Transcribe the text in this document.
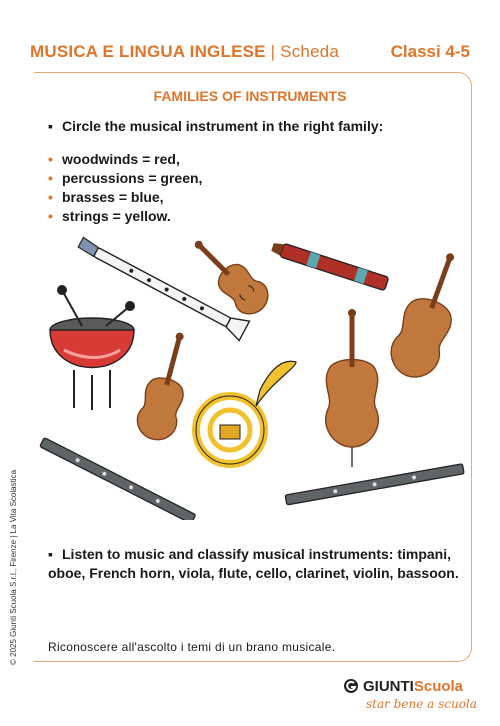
MUSICA E LINGUA INGLESE | Scheda	Classi 4-5
FAMILIES OF INSTRUMENTS
▪ Circle the musical instrument in the right family:
• woodwinds = red,
• percussions = green,
• brasses = blue,
• strings = yellow.
▪ Listen to music and classify musical instruments: timpani, oboe, French horn, viola, flute, cello, clarinet, violin, bassoon.
Riconoscere all'ascolto i temi di un brano musicale.
© 2025 Giunti Scuola S.r.l., Firenze | La Vita Scolastica
GIUNTIScuola
star bene a scuola
